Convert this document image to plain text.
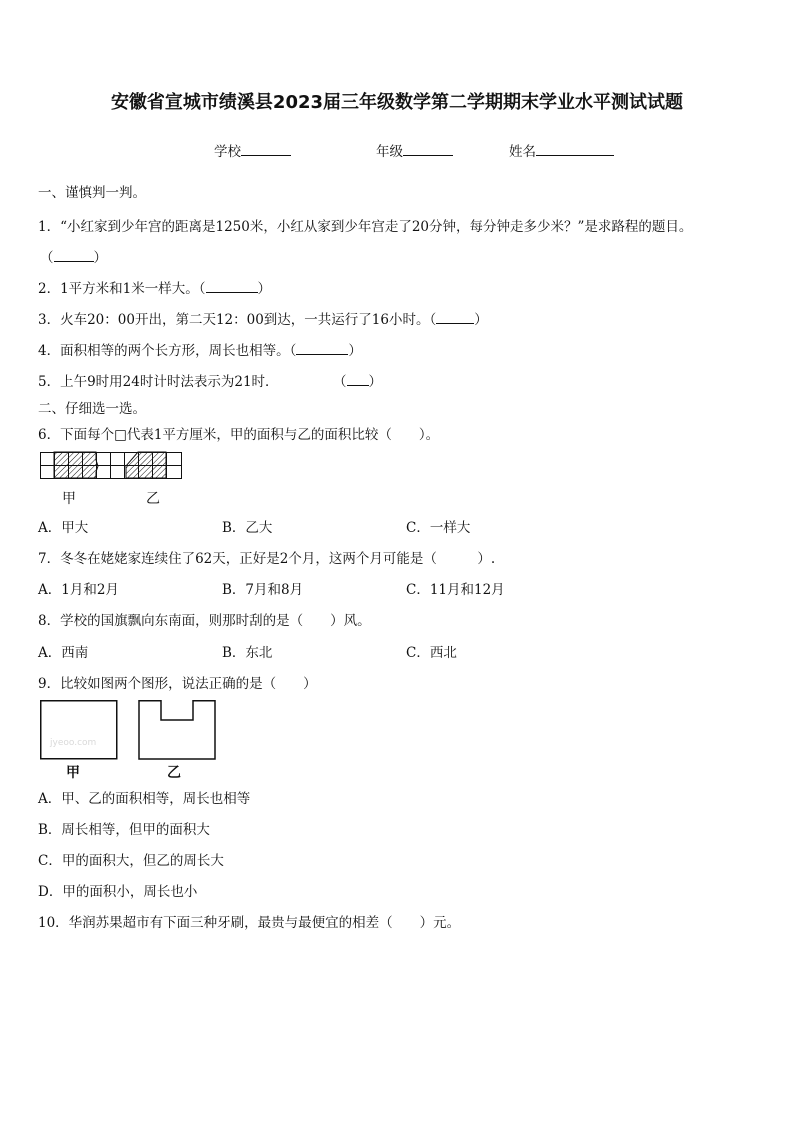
安徽省宣城市绩溪县2023届三年级数学第二学期期末学业水平测试试题
学校	年级	姓名
一、谨慎判一判。
1．“小红家到少年宫的距离是1250米，小红从家到少年宫走了20分钟，每分钟走多少米？”是求路程的题目。
（	）
2．1平方米和1米一样大。（	）
3．火车20：00开出，第二天12：00到达，一共运行了16小时。（	）
4．面积相等的两个长方形，周长也相等。（	）
5．上午9时用24时计时法表示为21时．	（ ）
二、仔细选一选。
6．下面每个□代表1平方厘米，甲的面积与乙的面积比较（　　）。
甲	乙
A．甲大	B．乙大	C．一样大
7．冬冬在姥姥家连续住了62天，正好是2个月，这两个月可能是（　　　）.
A．1月和2月	B．7月和8月	C．11月和12月
8．学校的国旗飘向东南面，则那时刮的是（　　）风。
A．西南	B．东北	C．西北
9．比较如图两个图形，说法正确的是（　　）
jyeoo.com
甲	乙
A．甲、乙的面积相等，周长也相等
B．周长相等，但甲的面积大
C．甲的面积大，但乙的周长大
D．甲的面积小，周长也小
10．华润苏果超市有下面三种牙刷，最贵与最便宜的相差（　　）元。
